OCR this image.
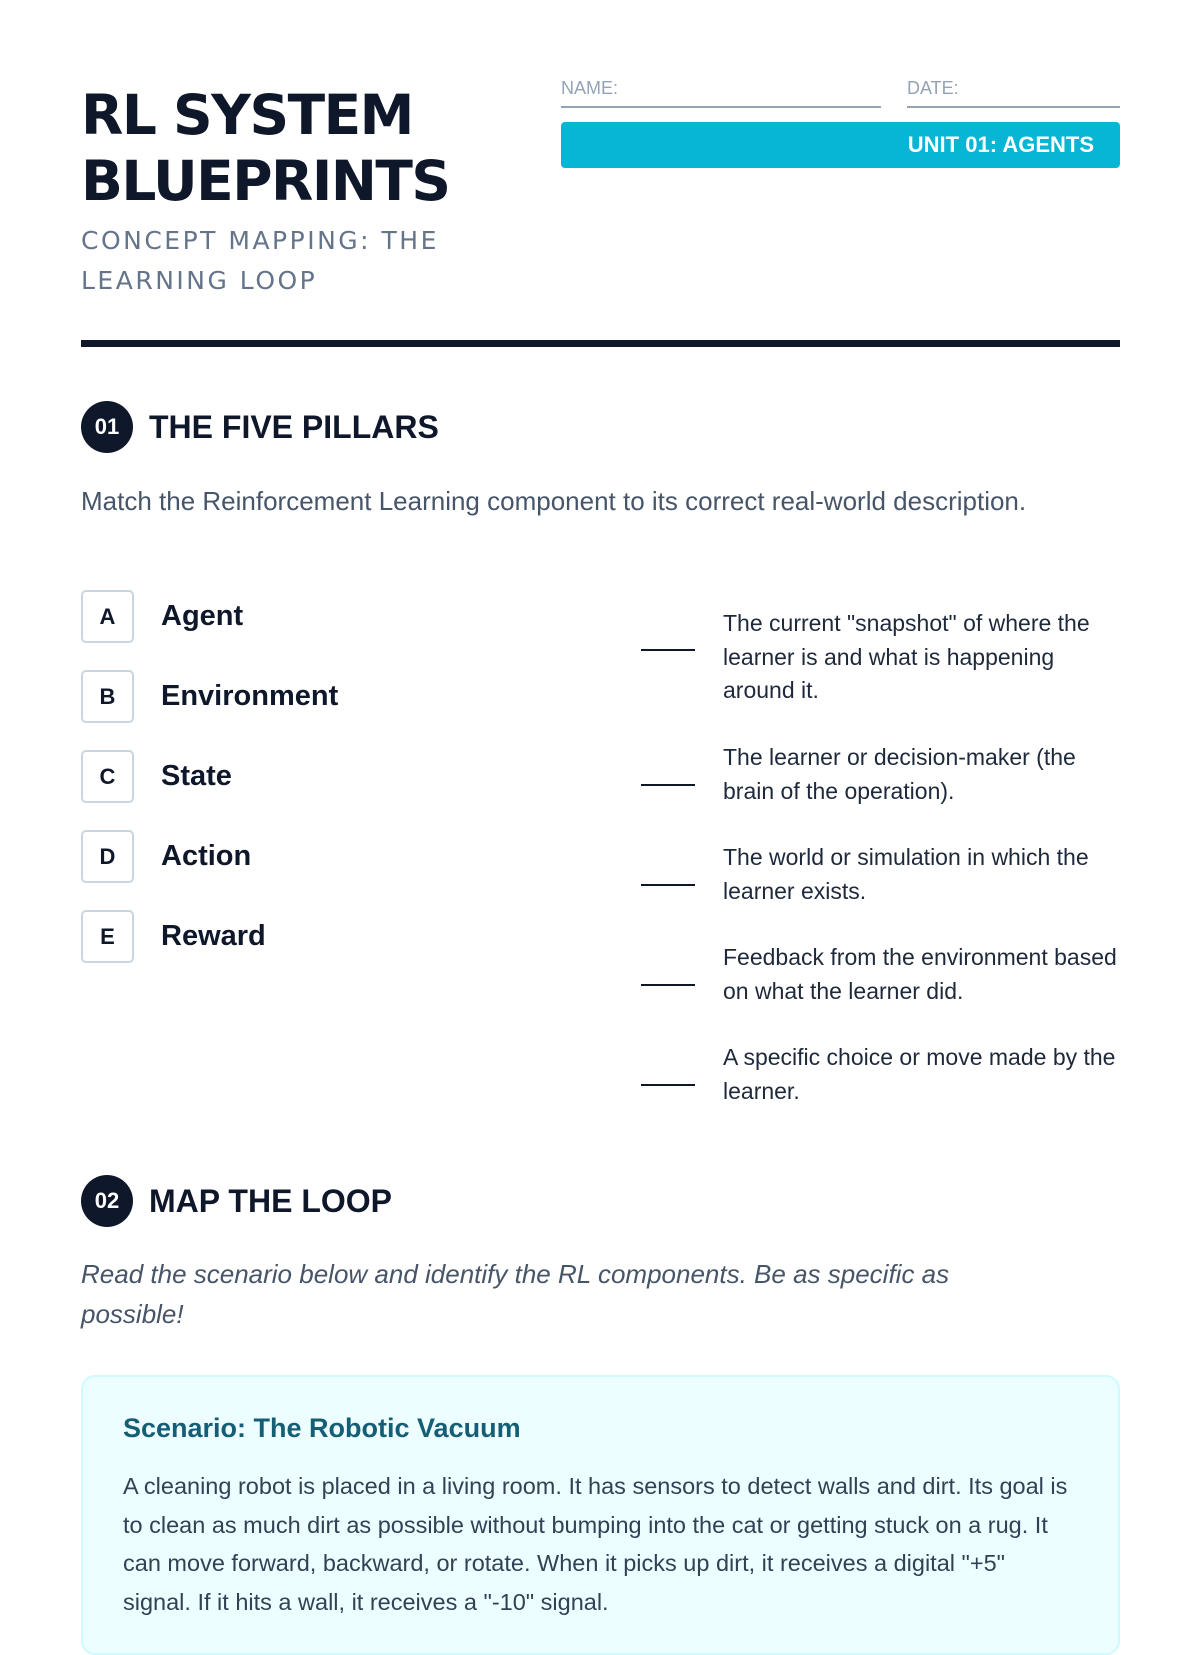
RL SYSTEM
BLUEPRINTS

CONCEPT MAPPING: THE LEARNING LOOP

NAME:	DATE:
UNIT 01: AGENTS
01 THE FIVE PILLARS

Match the Reinforcement Learning component to its correct real-world description.

A	Agent
B	Environment
C	State
D	Action
E	Reward

The current "snapshot" of where the learner is and what is happening around it.

The learner or decision-maker (the brain of the operation).

The world or simulation in which the learner exists.

Feedback from the environment based on what the learner did.

A specific choice or move made by the learner.

02 MAP THE LOOP

Read the scenario below and identify the RL components. Be as specific as possible!

Scenario: The Robotic Vacuum

A cleaning robot is placed in a living room. It has sensors to detect walls and dirt. Its goal is to clean as much dirt as possible without bumping into the cat or getting stuck on a rug. It can move forward, backward, or rotate. When it picks up dirt, it receives a digital "+5" signal. If it hits a wall, it receives a "-10" signal.
